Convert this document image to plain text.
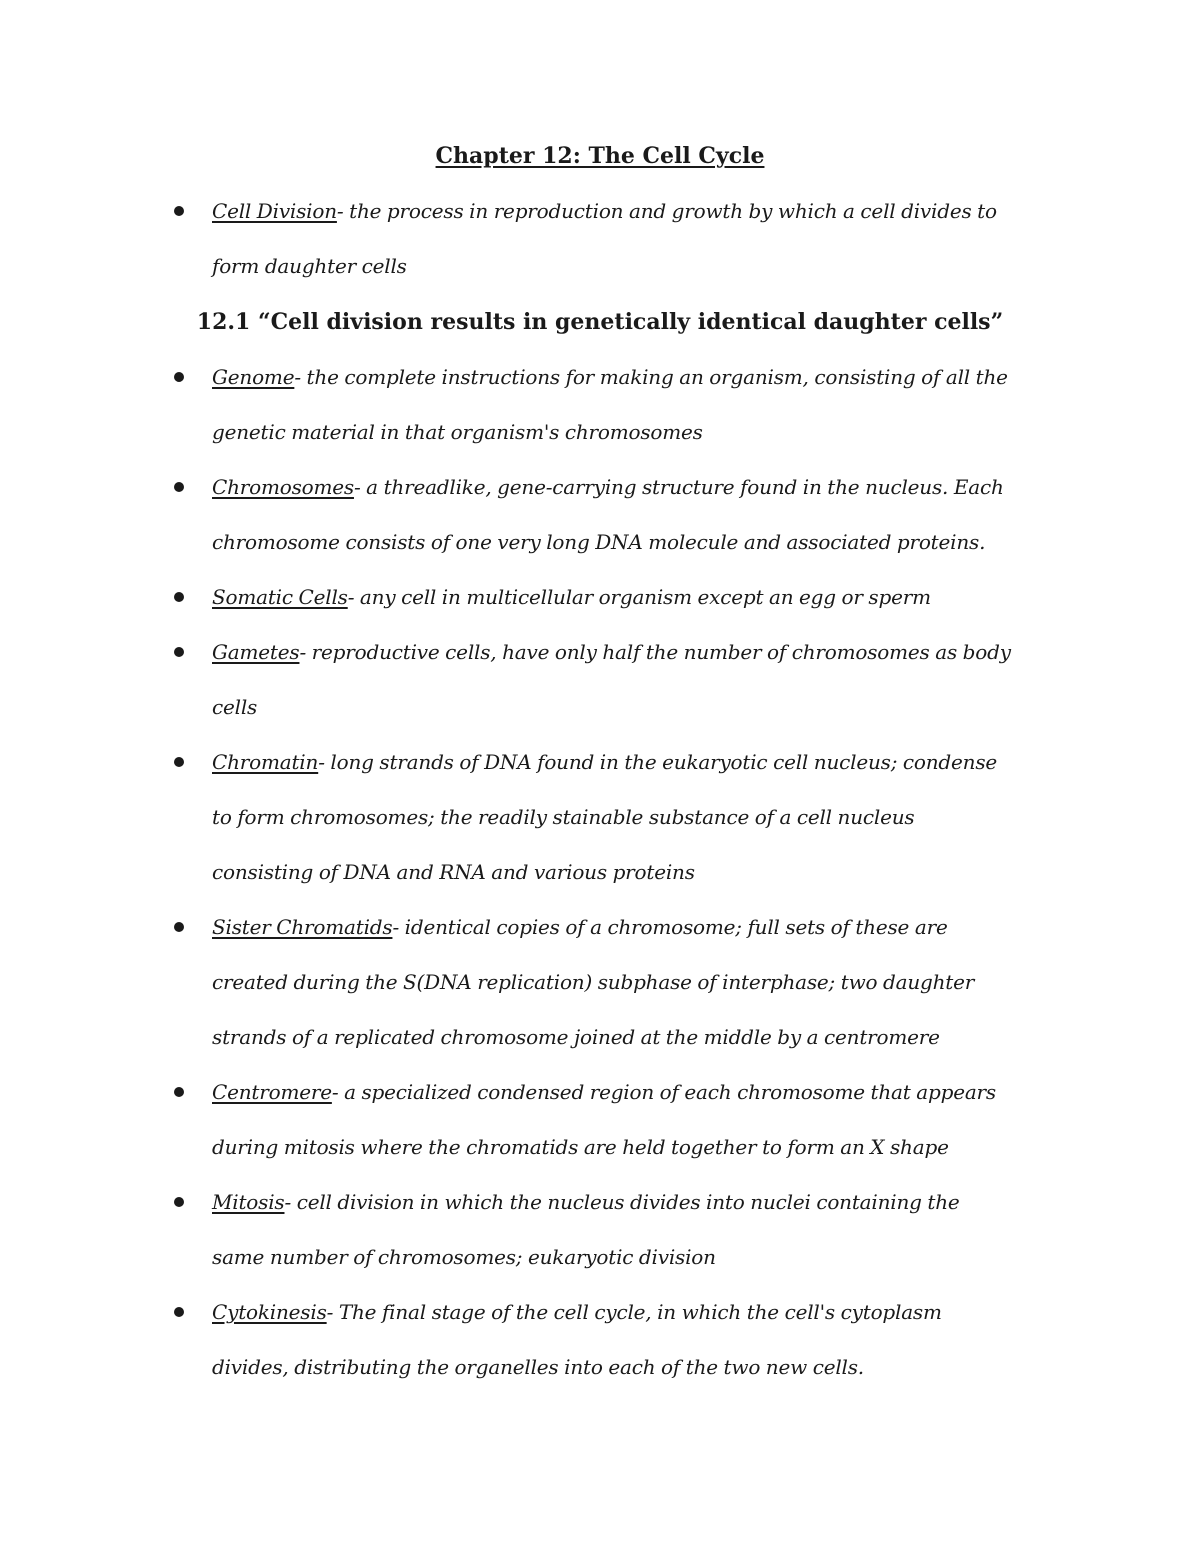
Chapter 12: The Cell Cycle
Cell Division- the process in reproduction and growth by which a cell divides to form daughter cells
12.1 “Cell division results in genetically identical daughter cells”
Genome- the complete instructions for making an organism, consisting of all the genetic material in that organism's chromosomes
Chromosomes- a threadlike, gene-carrying structure found in the nucleus. Each chromosome consists of one very long DNA molecule and associated proteins.
Somatic Cells- any cell in multicellular organism except an egg or sperm
Gametes- reproductive cells, have only half the number of chromosomes as body cells
Chromatin- long strands of DNA found in the eukaryotic cell nucleus; condense to form chromosomes; the readily stainable substance of a cell nucleus consisting of DNA and RNA and various proteins
Sister Chromatids- identical copies of a chromosome; full sets of these are created during the S(DNA replication) subphase of interphase; two daughter strands of a replicated chromosome joined at the middle by a centromere
Centromere- a specialized condensed region of each chromosome that appears during mitosis where the chromatids are held together to form an X shape
Mitosis- cell division in which the nucleus divides into nuclei containing the same number of chromosomes; eukaryotic division
Cytokinesis- The final stage of the cell cycle, in which the cell's cytoplasm divides, distributing the organelles into each of the two new cells.
